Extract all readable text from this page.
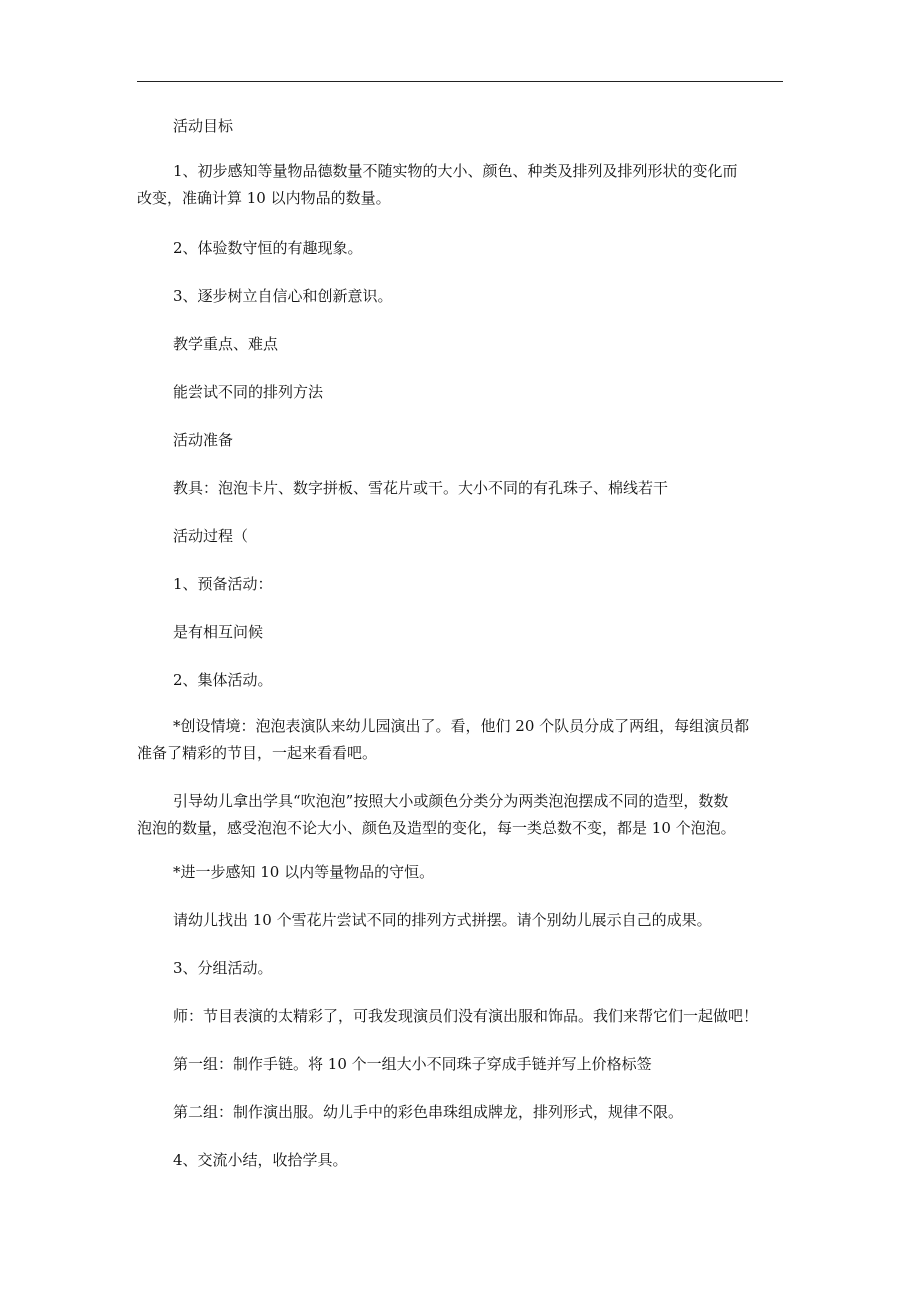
活动目标
1、初步感知等量物品德数量不随实物的大小、颜色、种类及排列及排列形状的变化而
改变，准确计算 10 以内物品的数量。
2、体验数守恒的有趣现象。
3、逐步树立自信心和创新意识。
教学重点、难点
能尝试不同的排列方法
活动准备
教具：泡泡卡片、数字拼板、雪花片或干。大小不同的有孔珠子、棉线若干
活动过程（
1、预备活动：
是有相互问候
2、集体活动。
*创设情境：泡泡表演队来幼儿园演出了。看，他们 20 个队员分成了两组，每组演员都
准备了精彩的节目，一起来看看吧。
引导幼儿拿出学具“吹泡泡”按照大小或颜色分类分为两类泡泡摆成不同的造型，数数
泡泡的数量，感受泡泡不论大小、颜色及造型的变化，每一类总数不变，都是 10 个泡泡。
*进一步感知 10 以内等量物品的守恒。
请幼儿找出 10 个雪花片尝试不同的排列方式拼摆。请个别幼儿展示自己的成果。
3、分组活动。
师：节目表演的太精彩了，可我发现演员们没有演出服和饰品。我们来帮它们一起做吧！
第一组：制作手链。将 10 个一组大小不同珠子穿成手链并写上价格标签
第二组：制作演出服。幼儿手中的彩色串珠组成牌龙，排列形式，规律不限。
4、交流小结，收拾学具。
